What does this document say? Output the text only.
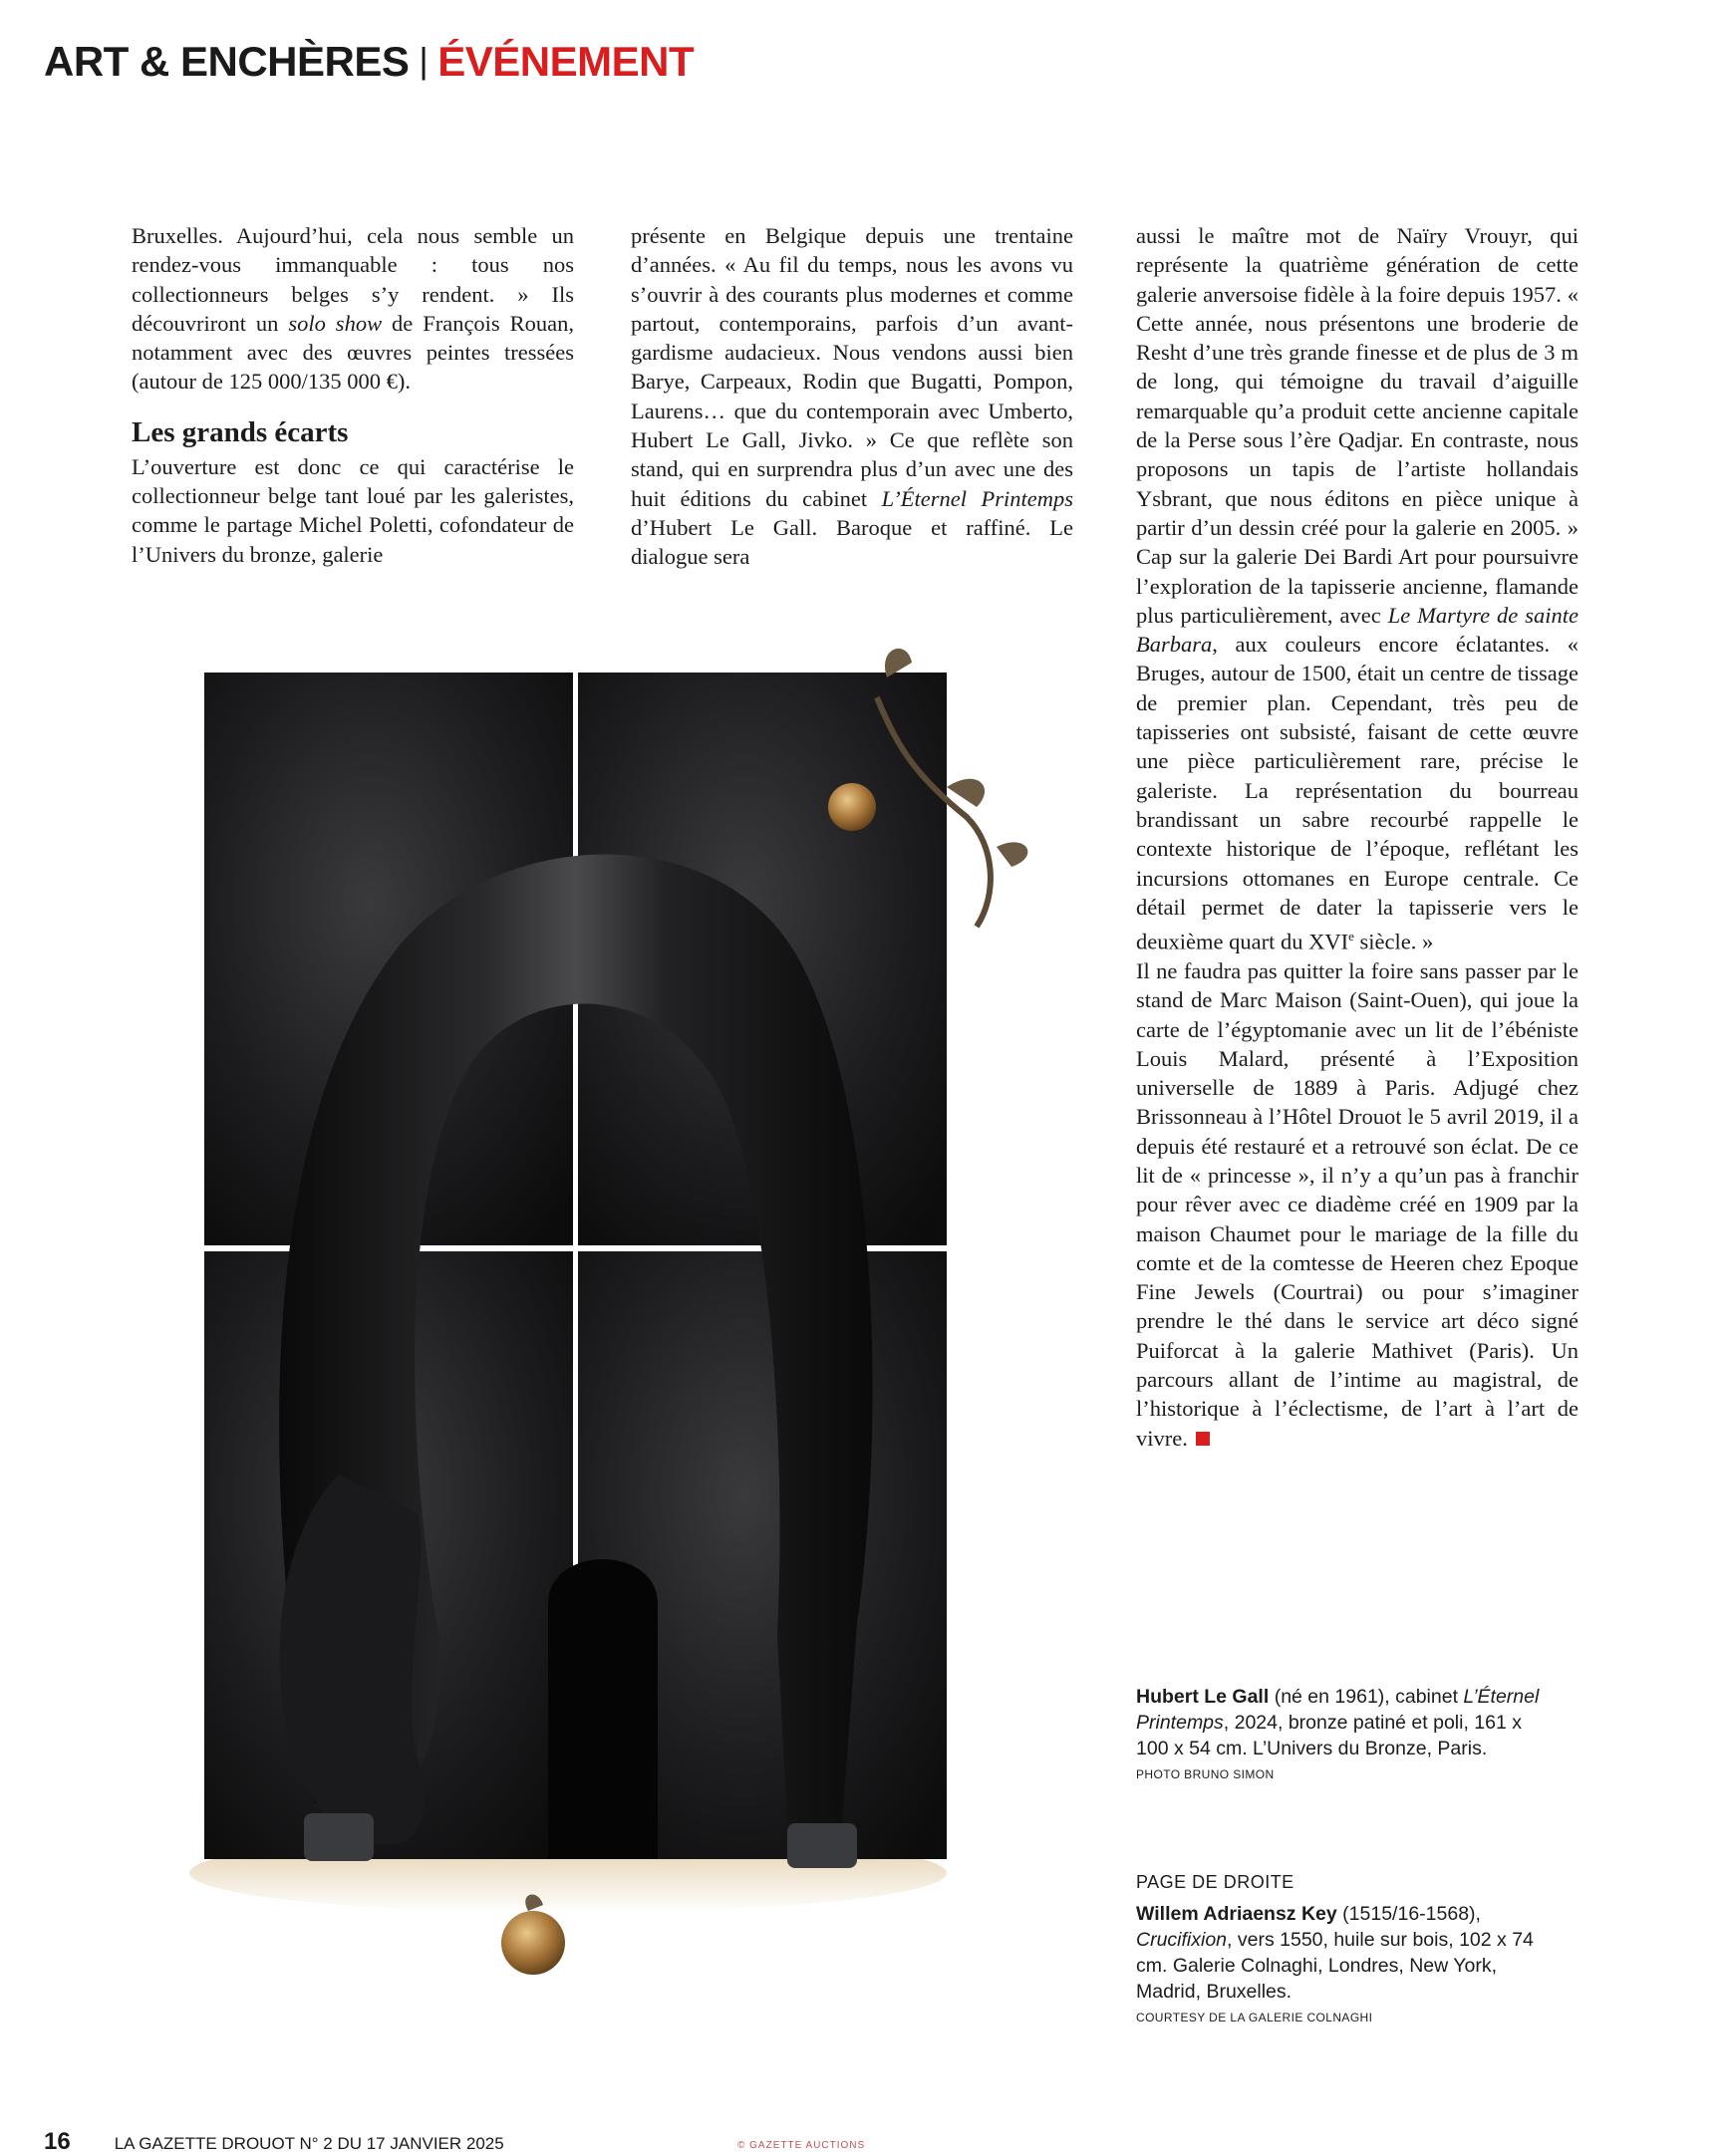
ART & ENCHÈRES | ÉVÉNEMENT

Bruxelles. Aujourd’hui, cela nous semble un rendez-vous immanquable : tous nos collectionneurs belges s’y rendent. » Ils découvriront un solo show de François Rouan, notamment avec des œuvres peintes tressées (autour de 125 000/135 000 €).

Les grands écarts

L’ouverture est donc ce qui caractérise le collectionneur belge tant loué par les galeristes, comme le partage Michel Poletti, cofondateur de l’Univers du bronze, galerie

présente en Belgique depuis une trentaine d’années. « Au fil du temps, nous les avons vu s’ouvrir à des courants plus modernes et comme partout, contemporains, parfois d’un avant-gardisme audacieux. Nous vendons aussi bien Barye, Carpeaux, Rodin que Bugatti, Pompon, Laurens… que du contemporain avec Umberto, Hubert Le Gall, Jivko. » Ce que reflète son stand, qui en surprendra plus d’un avec une des huit éditions du cabinet L’Éternel Printemps d’Hubert Le Gall. Baroque et raffiné. Le dialogue sera

aussi le maître mot de Naïry Vrouyr, qui représente la quatrième génération de cette galerie anversoise fidèle à la foire depuis 1957. « Cette année, nous présentons une broderie de Resht d’une très grande finesse et de plus de 3 m de long, qui témoigne du travail d’aiguille remarquable qu’a produit cette ancienne capitale de la Perse sous l’ère Qadjar. En contraste, nous proposons un tapis de l’artiste hollandais Ysbrant, que nous éditons en pièce unique à partir d’un dessin créé pour la galerie en 2005. » Cap sur la galerie Dei Bardi Art pour poursuivre l’exploration de la tapisserie ancienne, flamande plus particulièrement, avec Le Martyre de sainte Barbara, aux couleurs encore éclatantes. « Bruges, autour de 1500, était un centre de tissage de premier plan. Cependant, très peu de tapisseries ont subsisté, faisant de cette œuvre une pièce particulièrement rare, précise le galeriste. La représentation du bourreau brandissant un sabre recourbé rappelle le contexte historique de l’époque, reflétant les incursions ottomanes en Europe centrale. Ce détail permet de dater la tapisserie vers le deuxième quart du XVIe siècle. »

Il ne faudra pas quitter la foire sans passer par le stand de Marc Maison (Saint-Ouen), qui joue la carte de l’égyptomanie avec un lit de l’ébéniste Louis Malard, présenté à l’Exposition universelle de 1889 à Paris. Adjugé chez Brissonneau à l’Hôtel Drouot le 5 avril 2019, il a depuis été restauré et a retrouvé son éclat. De ce lit de « princesse », il n’y a qu’un pas à franchir pour rêver avec ce diadème créé en 1909 par la maison Chaumet pour le mariage de la fille du comte et de la comtesse de Heeren chez Epoque Fine Jewels (Courtrai) ou pour s’imaginer prendre le thé dans le service art déco signé Puiforcat à la galerie Mathivet (Paris). Un parcours allant de l’intime au magistral, de l’historique à l’éclectisme, de l’art à l’art de vivre.

Hubert Le Gall (né en 1961), cabinet L’Éternel Printemps, 2024, bronze patiné et poli, 161 x 100 x 54 cm. L’Univers du Bronze, Paris.
PHOTO BRUNO SIMON
PAGE DE DROITE
Willem Adriaensz Key (1515/16-1568), Crucifixion, vers 1550, huile sur bois, 102 x 74 cm. Galerie Colnaghi, Londres, New York, Madrid, Bruxelles.
COURTESY DE LA GALERIE COLNAGHI
16	LA GAZETTE DROUOT N° 2 DU 17 JANVIER 2025	© GAZETTE AUCTIONS
